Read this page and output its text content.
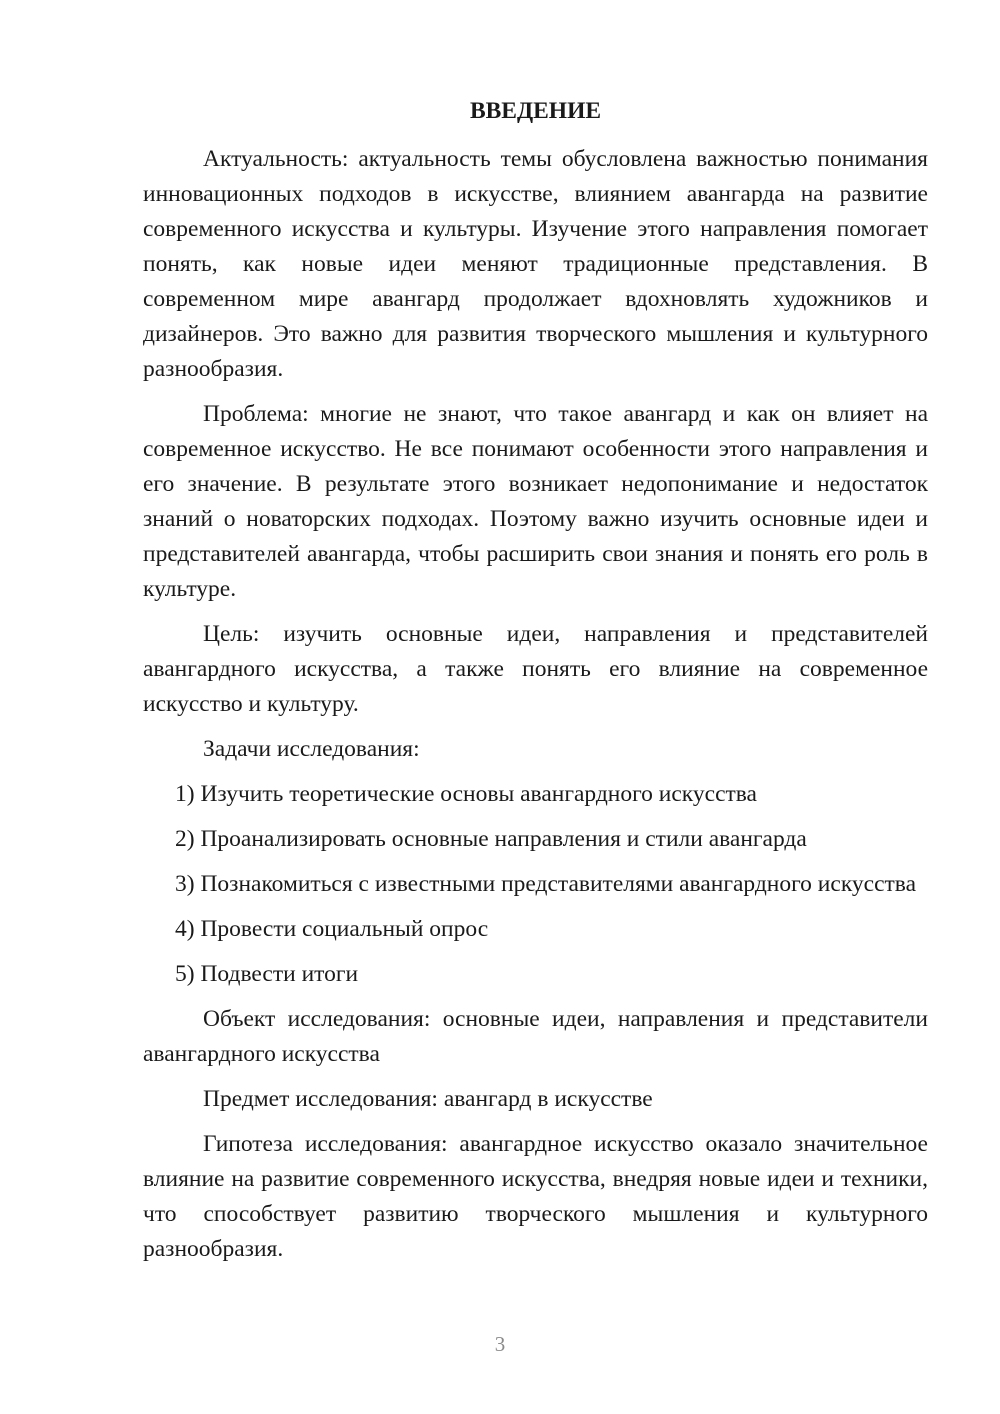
ВВЕДЕНИЕ

Актуальность: актуальность темы обусловлена важностью понимания инновационных подходов в искусстве, влиянием авангарда на развитие современного искусства и культуры. Изучение этого направления помогает понять, как новые идеи меняют традиционные представления. В современном мире авангард продолжает вдохновлять художников и дизайнеров. Это важно для развития творческого мышления и культурного разнообразия.

Проблема: многие не знают, что такое авангард и как он влияет на современное искусство. Не все понимают особенности этого направления и его значение. В результате этого возникает недопонимание и недостаток знаний о новаторских подходах. Поэтому важно изучить основные идеи и представителей авангарда, чтобы расширить свои знания и понять его роль в культуре.

Цель: изучить основные идеи, направления и представителей авангардного искусства, а также понять его влияние на современное искусство и культуру.

Задачи исследования:

1) Изучить теоретические основы авангардного искусства

2) Проанализировать основные направления и стили авангарда

3) Познакомиться с известными представителями авангардного искусства

4) Провести социальный опрос

5) Подвести итоги

Объект исследования: основные идеи, направления и представители авангардного искусства

Предмет исследования: авангард в искусстве

Гипотеза исследования: авангардное искусство оказало значительное влияние на развитие современного искусства, внедряя новые идеи и техники, что способствует развитию творческого мышления и культурного разнообразия.

3
